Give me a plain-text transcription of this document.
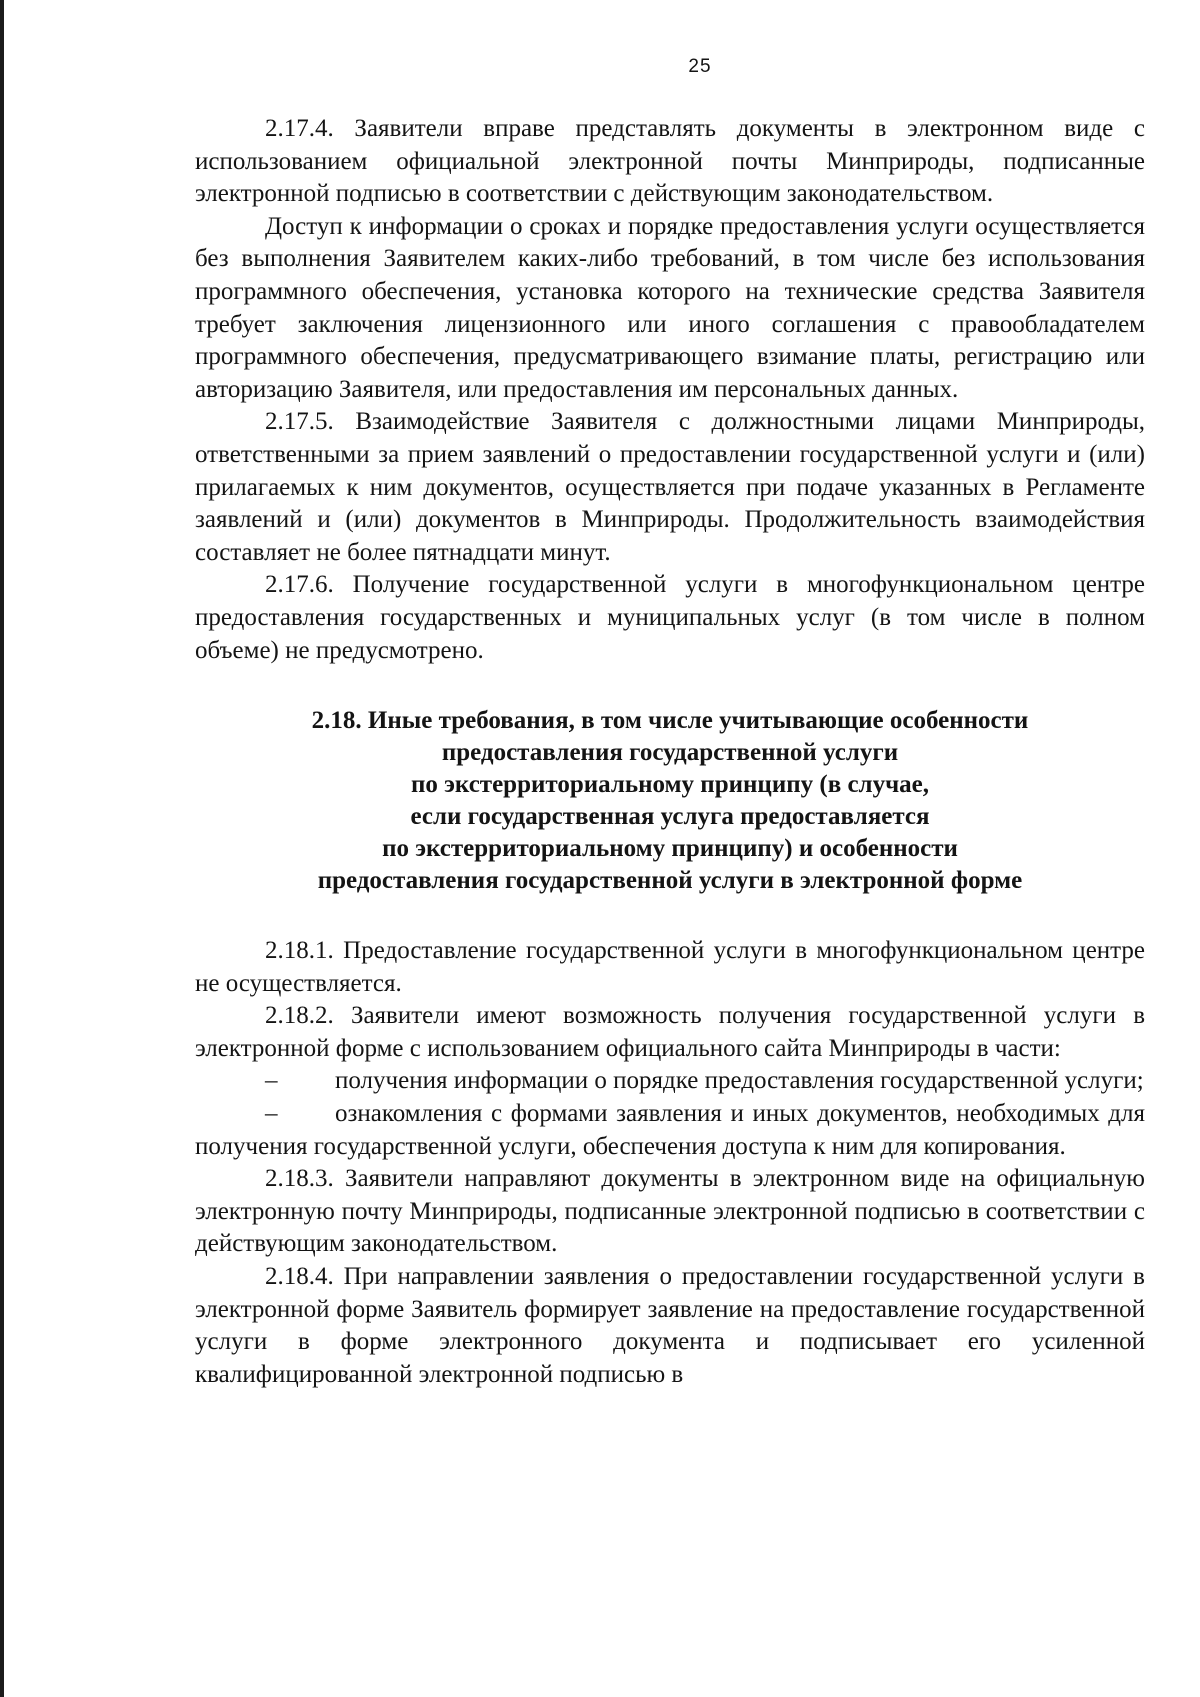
25

2.17.4. Заявители вправе представлять документы в электронном виде с использованием официальной электронной почты Минприроды, подписанные электронной подписью в соответствии с действующим законодательством.

Доступ к информации о сроках и порядке предоставления услуги осуществляется без выполнения Заявителем каких-либо требований, в том числе без использования программного обеспечения, установка которого на технические средства Заявителя требует заключения лицензионного или иного соглашения с правообладателем программного обеспечения, предусматривающего взимание платы, регистрацию или авторизацию Заявителя, или предоставления им персональных данных.

2.17.5. Взаимодействие Заявителя с должностными лицами Минприроды, ответственными за прием заявлений о предоставлении государственной услуги и (или) прилагаемых к ним документов, осуществляется при подаче указанных в Регламенте заявлений и (или) документов в Минприроды. Продолжительность взаимодействия составляет не более пятнадцати минут.

2.17.6. Получение государственной услуги в многофункциональном центре предоставления государственных и муниципальных услуг (в том числе в полном объеме) не предусмотрено.

2.18. Иные требования, в том числе учитывающие особенности
предоставления государственной услуги
по экстерриториальному принципу (в случае,
если государственная услуга предоставляется
по экстерриториальному принципу) и особенности
предоставления государственной услуги в электронной форме

2.18.1. Предоставление государственной услуги в многофункциональном центре не осуществляется.

2.18.2. Заявители имеют возможность получения государственной услуги в электронной форме с использованием официального сайта Минприроды в части:

– получения информации о порядке предоставления государственной услуги;

– ознакомления с формами заявления и иных документов, необходимых для получения государственной услуги, обеспечения доступа к ним для копирования.

2.18.3. Заявители направляют документы в электронном виде на официальную электронную почту Минприроды, подписанные электронной подписью в соответствии с действующим законодательством.

2.18.4. При направлении заявления о предоставлении государственной услуги в электронной форме Заявитель формирует заявление на предоставление государственной услуги в форме электронного документа и подписывает его усиленной квалифицированной электронной подписью в
